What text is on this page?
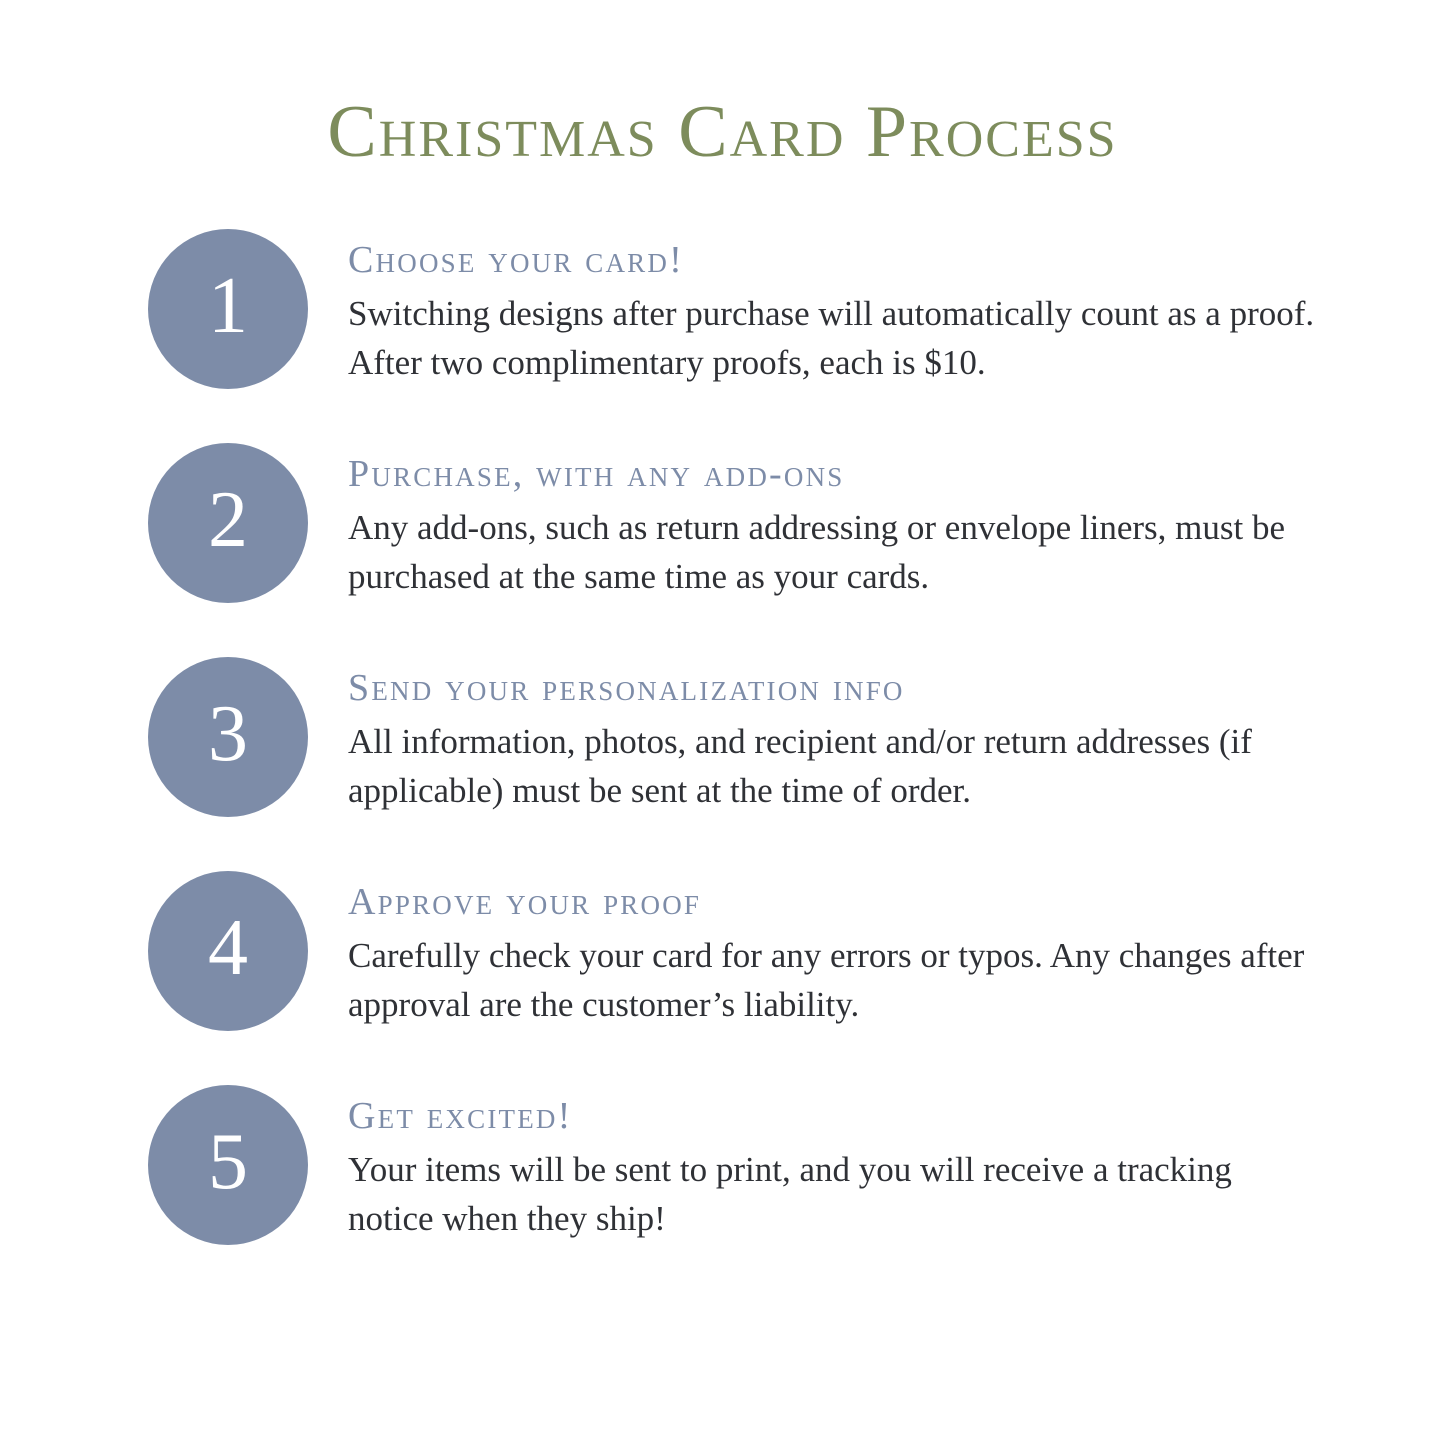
Christmas Card Process
1
Choose your card!

Switching designs after purchase will automatically count as a proof. After two complimentary proofs, each is $10.

2
Purchase, with any add-ons

Any add-ons, such as return addressing or envelope liners, must be purchased at the same time as your cards.

3
Send your personalization info

All information, photos, and recipient and/or return addresses (if applicable) must be sent at the time of order.

4
Approve your proof

Carefully check your card for any errors or typos. Any changes after approval are the customer’s liability.

5
Get excited!

Your items will be sent to print, and you will receive a tracking notice when they ship!
